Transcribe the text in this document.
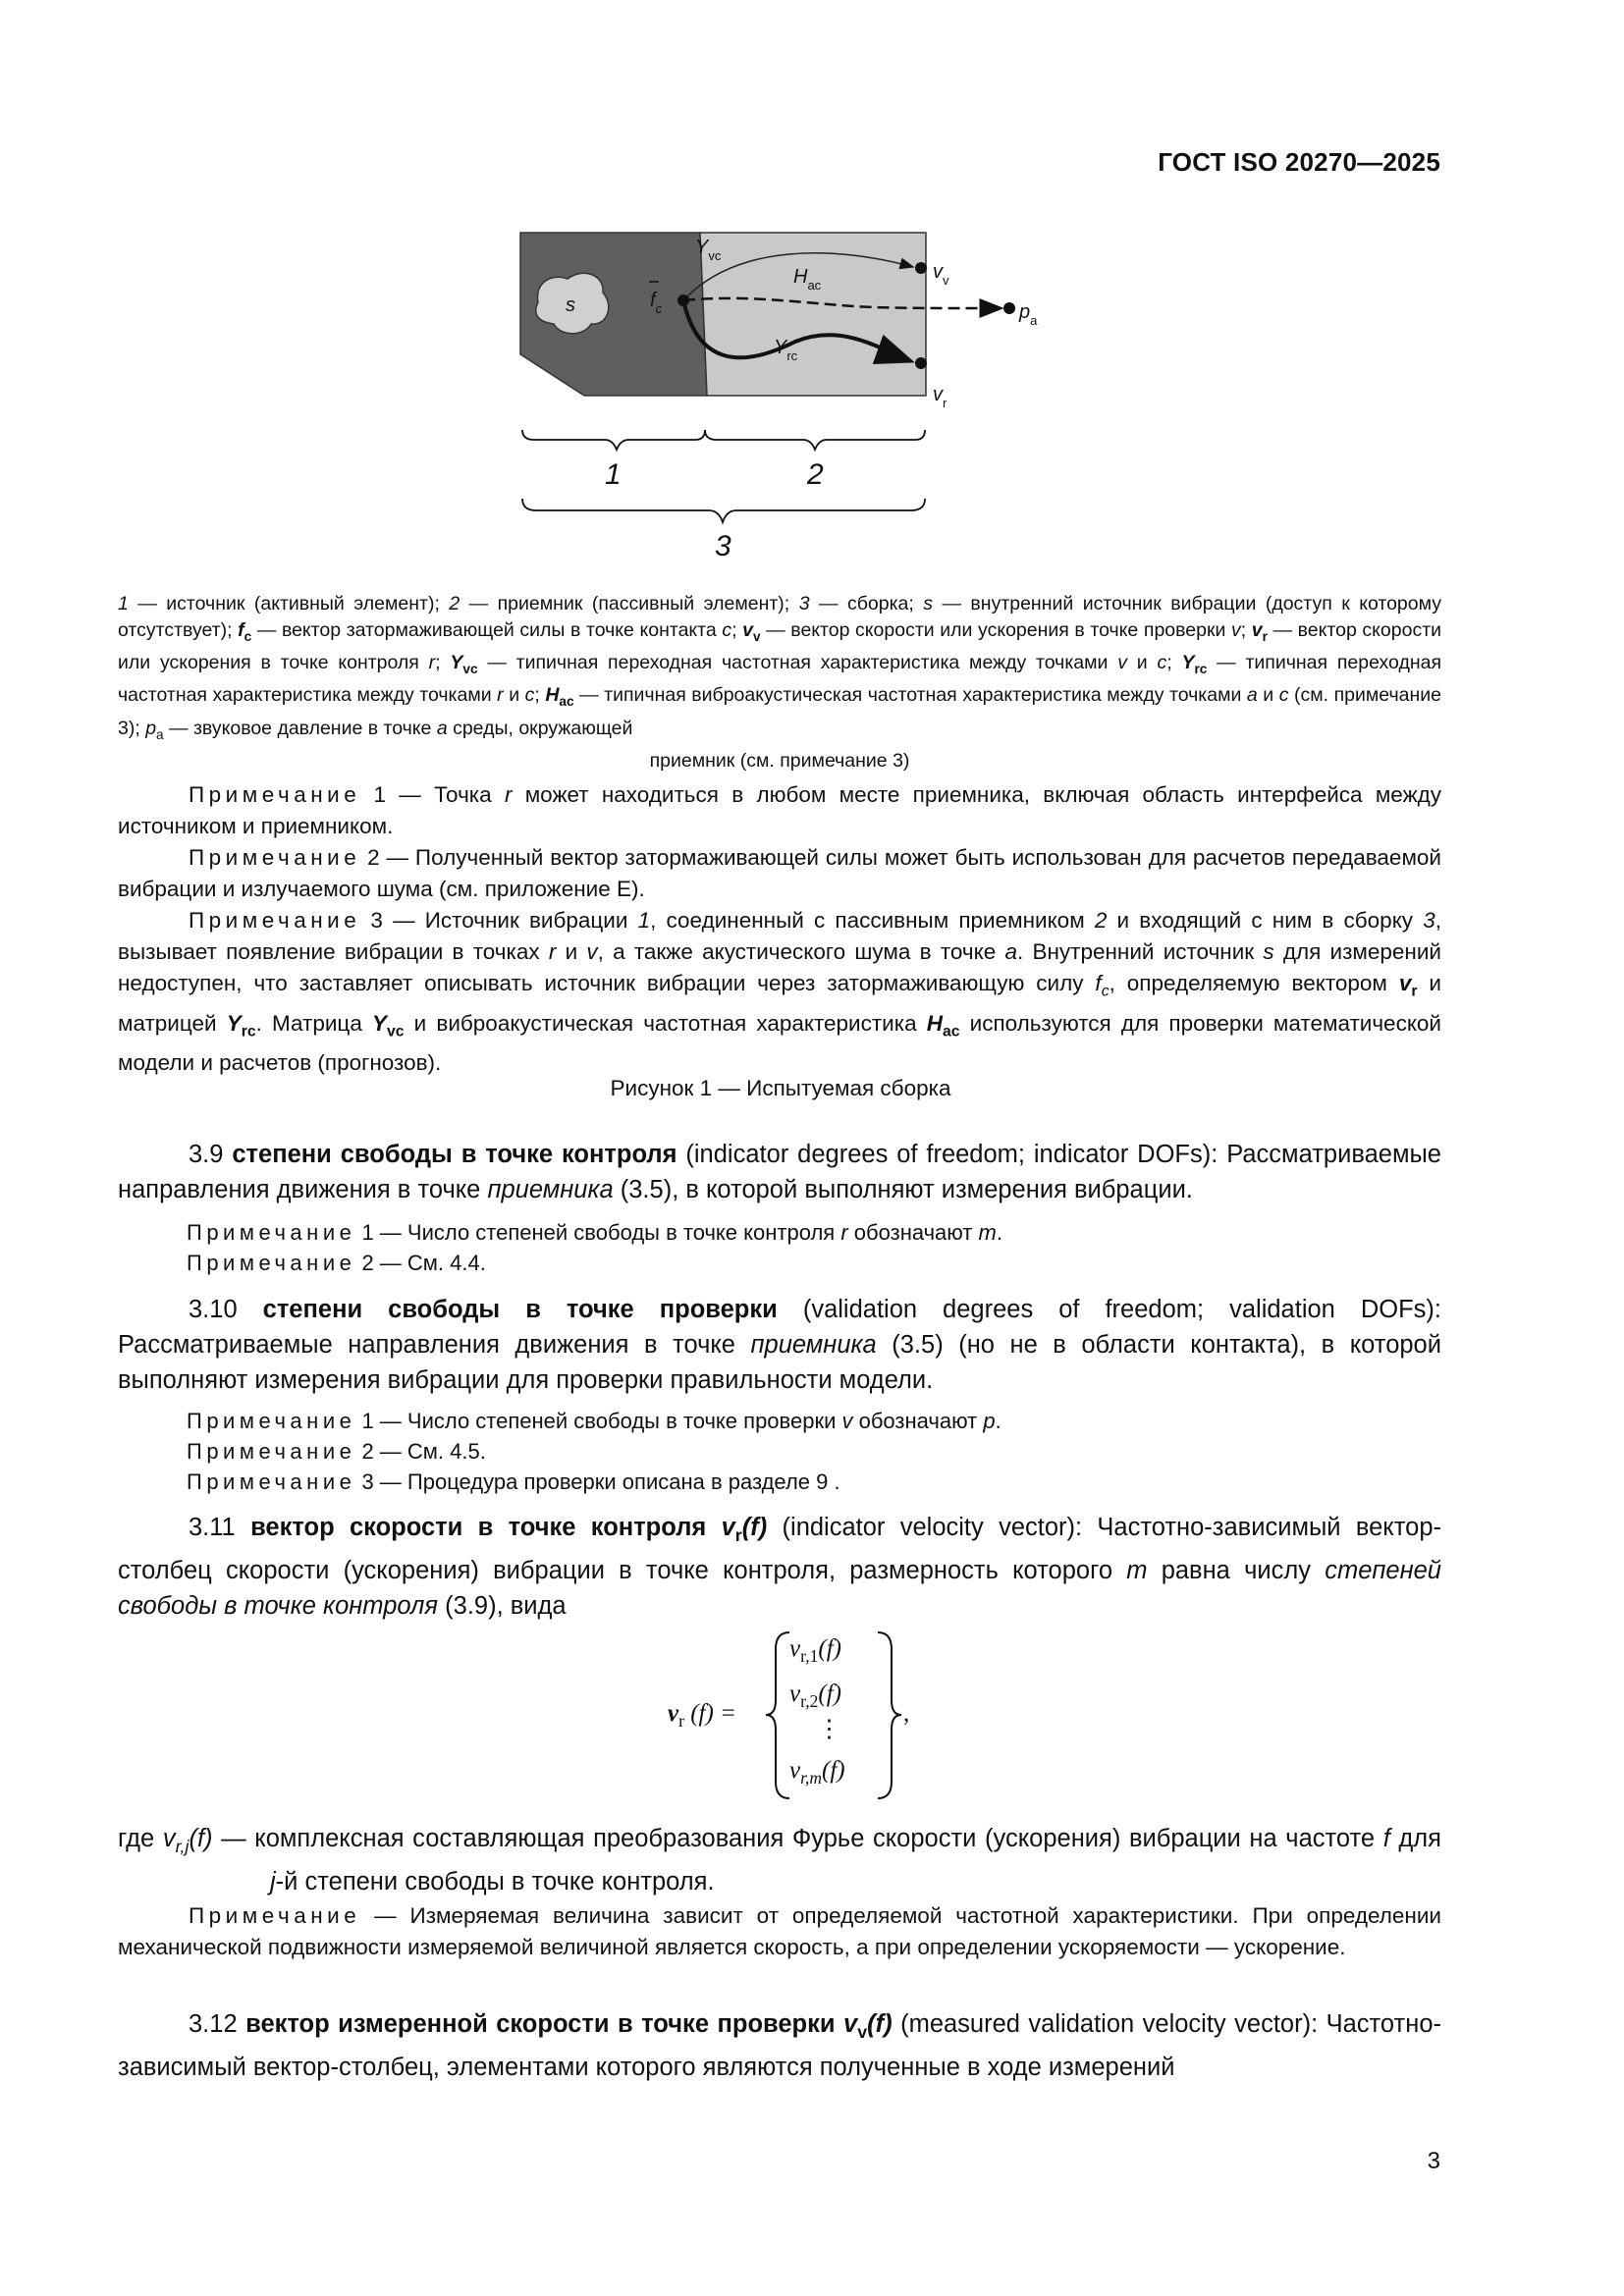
ГОСТ ISO 20270—2025
s	$f_c$
$Y_{vc}$
$H_{ac}$
$Y_{rc}$
$v_v$
$p_a$
$v_r$
1	2
3
1 — источник (активный элемент); 2 — приемник (пассивный элемент); 3 — сборка; s — внутренний источник вибрации (доступ к которому отсутствует); $f_c$ — вектор затормаживающей силы в точке контакта c; $v_v$ — вектор скорости или ускорения в точке проверки v; $v_r$ — вектор скорости или ускорения в точке контроля r; $Y_{vc}$ — типичная переходная частотная характеристика между точками v и c; $Y_{rc}$ — типичная переходная частотная характеристика между точками r и c; $H_{ac}$ — типичная виброакустическая частотная характеристика между точками a и c (см. примечание 3); $p_a$ — звуковое давление в точке a среды, окружающей
приемник (см. примечание 3)
Примечание 1 — Точка r может находиться в любом месте приемника, включая область интерфейса между источником и приемником.
Примечание 2 — Полученный вектор затормаживающей силы может быть использован для расчетов передаваемой вибрации и излучаемого шума (см. приложение Е).
Примечание 3 — Источник вибрации 1, соединенный с пассивным приемником 2 и входящий с ним в сборку 3, вызывает появление вибрации в точках r и v, а также акустического шума в точке a. Внутренний источник s для измерений недоступен, что заставляет описывать источник вибрации через затормаживающую силу $f_c$, определяемую вектором $v_r$ и матрицей $Y_{rc}$. Матрица $Y_{vc}$ и виброакустическая частотная характеристика $H_{ac}$ используются для проверки математической модели и расчетов (прогнозов).
Рисунок 1 — Испытуемая сборка
3.9 степени свободы в точке контроля (indicator degrees of freedom; indicator DOFs): Рассматриваемые направления движения в точке приемника (3.5), в которой выполняют измерения вибрации.
Примечание 1 — Число степеней свободы в точке контроля r обозначают m.
Примечание 2 — См. 4.4.
3.10 степени свободы в точке проверки (validation degrees of freedom; validation DOFs): Рассматриваемые направления движения в точке приемника (3.5) (но не в области контакта), в которой выполняют измерения вибрации для проверки правильности модели.
Примечание 1 — Число степеней свободы в точке проверки v обозначают p.
Примечание 2 — См. 4.5.
Примечание 3 — Процедура проверки описана в разделе 9 .
3.11 вектор скорости в точке контроля $v_r(f)$ (indicator velocity vector): Частотно-зависимый вектор-столбец скорости (ускорения) вибрации в точке контроля, размерность которого m равна числу степеней свободы в точке контроля (3.9), вида
$v_r$ (f) =
$v_{r,1}(f)$
$v_{r,2}(f)$
⋮
$v_{r,m}(f)$
,
где $v_{r,j}(f)$ — комплексная составляющая преобразования Фурье скорости (ускорения) вибрации на частоте f для j-й степени свободы в точке контроля.
Примечание — Измеряемая величина зависит от определяемой частотной характеристики. При определении механической подвижности измеряемой величиной является скорость, а при определении ускоряемости — ускорение.
3.12 вектор измеренной скорости в точке проверки $v_v(f)$ (measured validation velocity vector): Частотно-зависимый вектор-столбец, элементами которого являются полученные в ходе измерений
3
